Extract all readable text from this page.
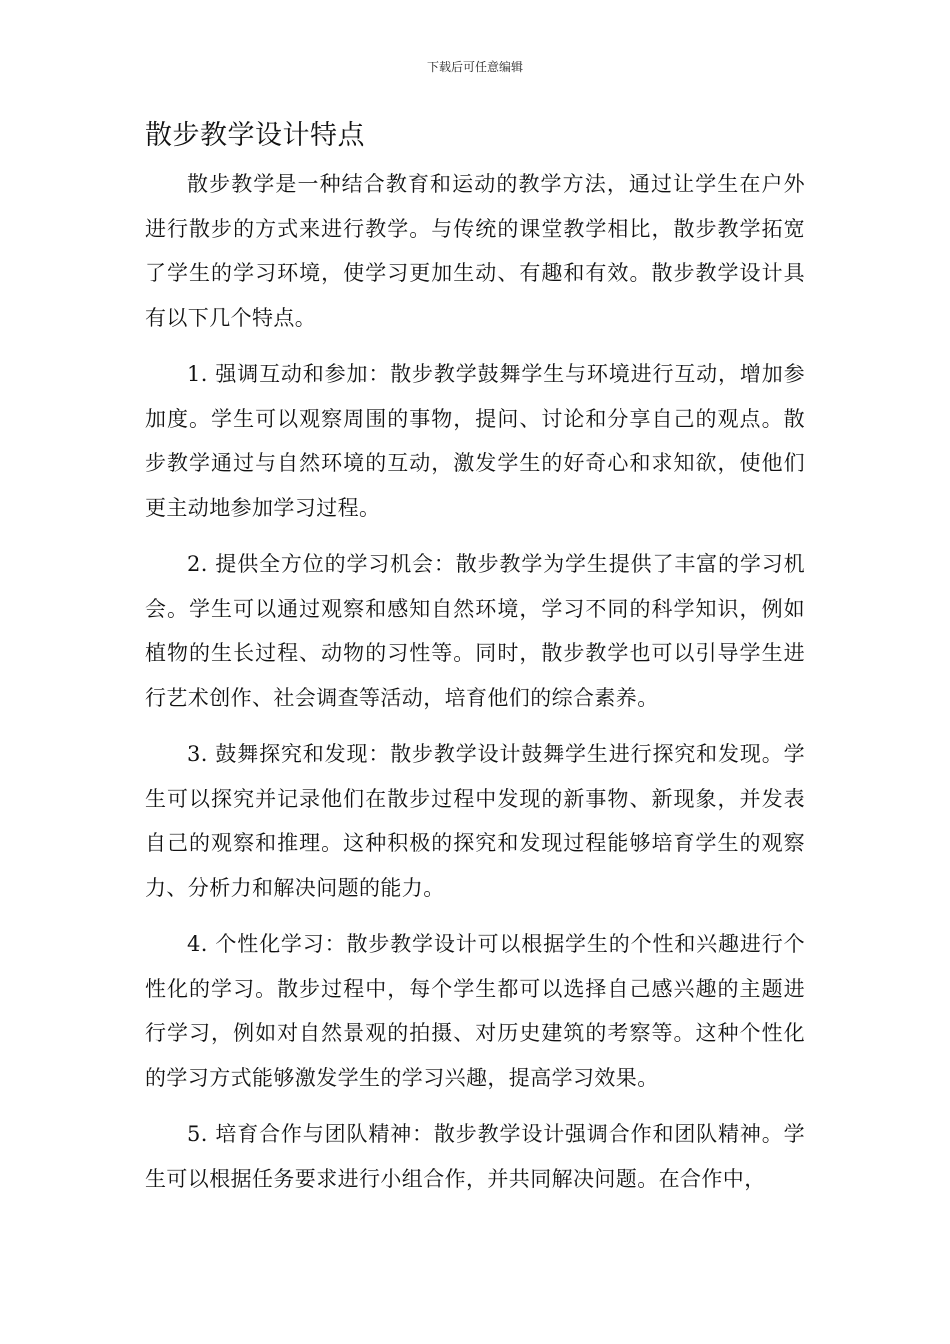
下载后可任意编辑
散步教学设计特点

散步教学是一种结合教育和运动的教学方法，通过让学生在户外进行散步的方式来进行教学。与传统的课堂教学相比，散步教学拓宽了学生的学习环境，使学习更加生动、有趣和有效。散步教学设计具有以下几个特点。

1. 强调互动和参加：散步教学鼓舞学生与环境进行互动，增加参加度。学生可以观察周围的事物，提问、讨论和分享自己的观点。散步教学通过与自然环境的互动，激发学生的好奇心和求知欲，使他们更主动地参加学习过程。

2. 提供全方位的学习机会：散步教学为学生提供了丰富的学习机会。学生可以通过观察和感知自然环境，学习不同的科学知识，例如植物的生长过程、动物的习性等。同时，散步教学也可以引导学生进行艺术创作、社会调查等活动，培育他们的综合素养。

3. 鼓舞探究和发现：散步教学设计鼓舞学生进行探究和发现。学生可以探究并记录他们在散步过程中发现的新事物、新现象，并发表自己的观察和推理。这种积极的探究和发现过程能够培育学生的观察力、分析力和解决问题的能力。

4. 个性化学习：散步教学设计可以根据学生的个性和兴趣进行个性化的学习。散步过程中，每个学生都可以选择自己感兴趣的主题进行学习，例如对自然景观的拍摄、对历史建筑的考察等。这种个性化的学习方式能够激发学生的学习兴趣，提高学习效果。

5. 培育合作与团队精神：散步教学设计强调合作和团队精神。学生可以根据任务要求进行小组合作，并共同解决问题。在合作中，
